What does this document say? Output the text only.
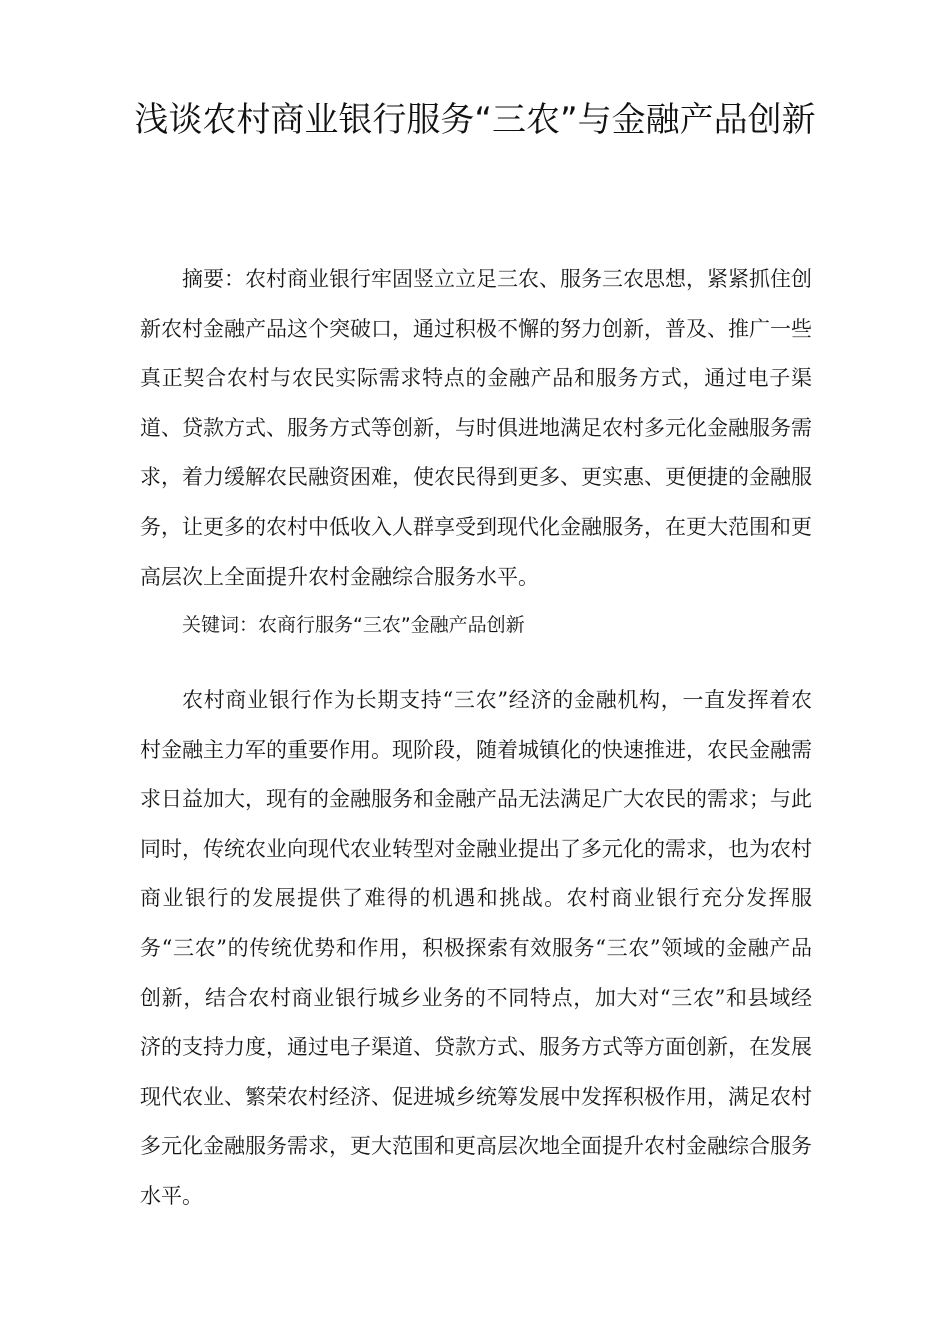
浅谈农村商业银行服务“三农”与金融产品创新

摘要：农村商业银行牢固竖立立足三农、服务三农思想，紧紧抓住创新农村金融产品这个突破口，通过积极不懈的努力创新，普及、推广一些真正契合农村与农民实际需求特点的金融产品和服务方式，通过电子渠道、贷款方式、服务方式等创新，与时俱进地满足农村多元化金融服务需求，着力缓解农民融资困难，使农民得到更多、更实惠、更便捷的金融服务，让更多的农村中低收入人群享受到现代化金融服务，在更大范围和更高层次上全面提升农村金融综合服务水平。

关键词：农商行服务“三农”金融产品创新

农村商业银行作为长期支持“三农”经济的金融机构，一直发挥着农村金融主力军的重要作用。现阶段，随着城镇化的快速推进，农民金融需求日益加大，现有的金融服务和金融产品无法满足广大农民的需求；与此同时，传统农业向现代农业转型对金融业提出了多元化的需求，也为农村商业银行的发展提供了难得的机遇和挑战。农村商业银行充分发挥服务“三农”的传统优势和作用，积极探索有效服务“三农”领域的金融产品创新，结合农村商业银行城乡业务的不同特点，加大对“三农”和县域经济的支持力度，通过电子渠道、贷款方式、服务方式等方面创新，在发展现代农业、繁荣农村经济、促进城乡统筹发展中发挥积极作用，满足农村多元化金融服务需求，更大范围和更高层次地全面提升农村金融综合服务水平。
